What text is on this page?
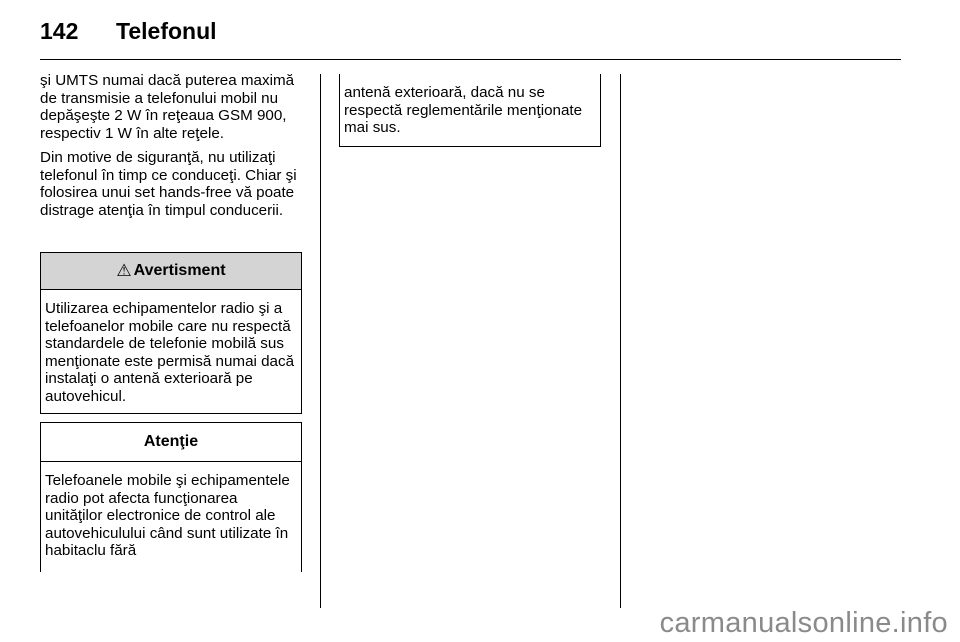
142 Telefonul

şi UMTS numai dacă puterea maximă de transmisie a telefonului mobil nu depăşeşte 2 W în reţeaua GSM 900, respectiv 1 W în alte reţele.

Din motive de siguranţă, nu utilizaţi telefonul în timp ce conduceţi. Chiar şi folosirea unui set hands-free vă poate distrage atenţia în timpul conducerii.

⚠ Avertisment
Utilizarea echipamentelor radio şi a telefoanelor mobile care nu respectă standardele de telefonie mobilă sus menţionate este permisă numai dacă instalaţi o antenă exterioară pe autovehicul.
Atenţie
Telefoanele mobile şi echipamentele radio pot afecta funcţionarea unităţilor electronice de control ale autovehiculului când sunt utilizate în habitaclu fără
antenă exterioară, dacă nu se respectă reglementările menţionate mai sus.
carmanualsonline.info
